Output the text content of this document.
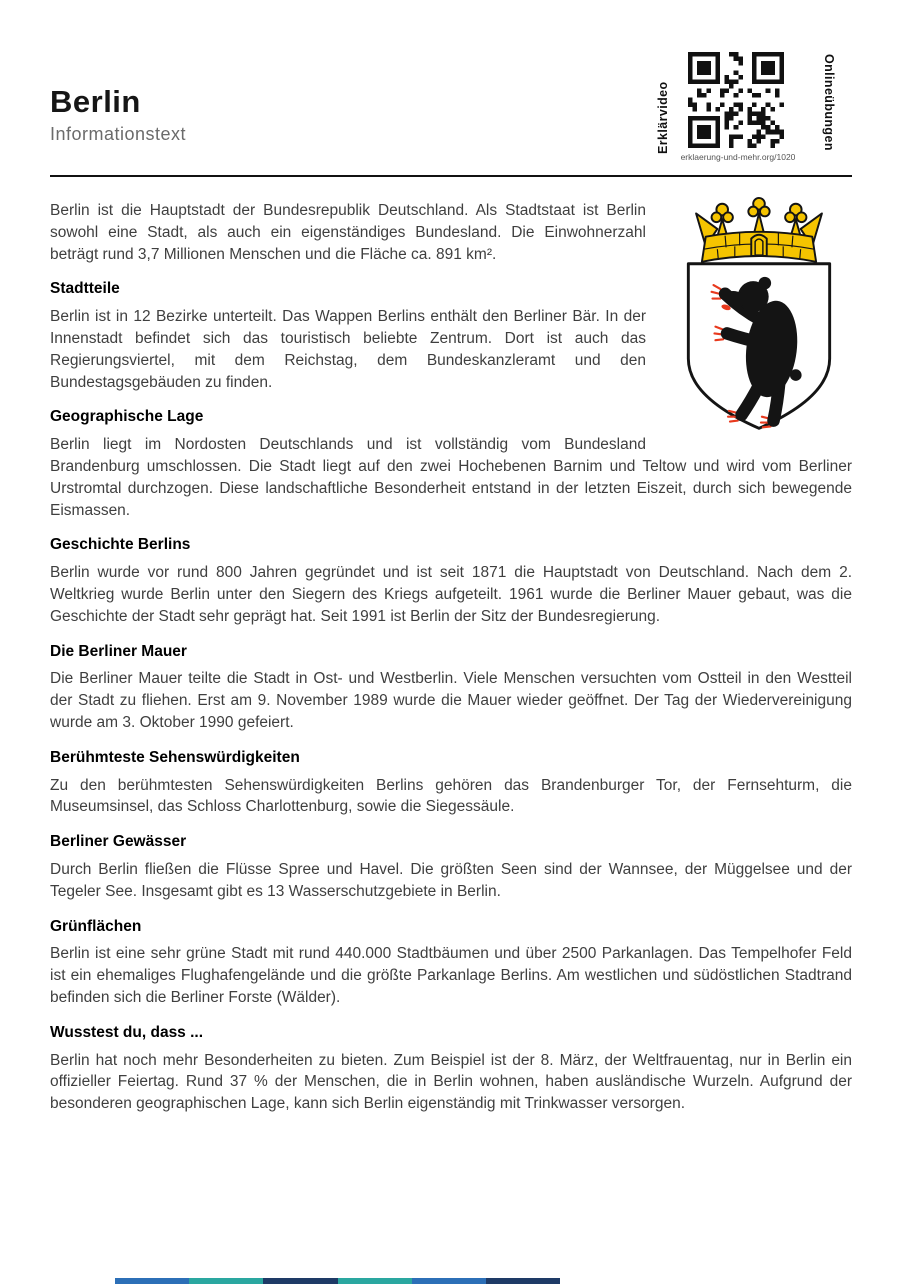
Berlin
Informationstext	Erklärvideo	Onlineübungen
erklaerung-und-mehr.org/1020

Berlin ist die Hauptstadt der Bundesrepublik Deutschland. Als Stadtstaat ist Berlin sowohl eine Stadt, als auch ein eigenständiges Bundesland. Die Einwohnerzahl beträgt rund 3,7 Millionen Menschen und die Fläche ca. 891 km².

Stadtteile

Berlin ist in 12 Bezirke unterteilt. Das Wappen Berlins enthält den Berliner Bär. In der Innenstadt befindet sich das touristisch beliebte Zentrum. Dort ist auch das Regierungsviertel, mit dem Reichstag, dem Bundeskanzleramt und den Bundestagsgebäuden zu finden.

Geographische Lage

Berlin liegt im Nordosten Deutschlands und ist vollständig vom Bundesland Brandenburg umschlossen. Die Stadt liegt auf den zwei Hochebenen Barnim und Teltow und wird vom Berliner Urstromtal durchzogen. Diese landschaftliche Besonderheit entstand in der letzten Eiszeit, durch sich bewegende Eismassen.

Geschichte Berlins

Berlin wurde vor rund 800 Jahren gegründet und ist seit 1871 die Hauptstadt von Deutschland. Nach dem 2. Weltkrieg wurde Berlin unter den Siegern des Kriegs aufgeteilt. 1961 wurde die Berliner Mauer gebaut, was die Geschichte der Stadt sehr geprägt hat. Seit 1991 ist Berlin der Sitz der Bundesregierung.

Die Berliner Mauer

Die Berliner Mauer teilte die Stadt in Ost- und Westberlin. Viele Menschen versuchten vom Ostteil in den Westteil der Stadt zu fliehen. Erst am 9. November 1989 wurde die Mauer wieder geöffnet. Der Tag der Wiedervereinigung wurde am 3. Oktober 1990 gefeiert.

Berühmteste Sehenswürdigkeiten

Zu den berühmtesten Sehenswürdigkeiten Berlins gehören das Brandenburger Tor, der Fernsehturm, die Museumsinsel, das Schloss Charlottenburg, sowie die Siegessäule.

Berliner Gewässer

Durch Berlin fließen die Flüsse Spree und Havel. Die größten Seen sind der Wannsee, der Müggelsee und der Tegeler See. Insgesamt gibt es 13 Wasserschutzgebiete in Berlin.

Grünflächen

Berlin ist eine sehr grüne Stadt mit rund 440.000 Stadtbäumen und über 2500 Parkanlagen. Das Tempelhofer Feld ist ein ehemaliges Flughafengelände und die größte Parkanlage Berlins. Am westlichen und südöstlichen Stadtrand befinden sich die Berliner Forste (Wälder).

Wusstest du, dass ...

Berlin hat noch mehr Besonderheiten zu bieten. Zum Beispiel ist der 8. März, der Weltfrauentag, nur in Berlin ein offizieller Feiertag. Rund 37 % der Menschen, die in Berlin wohnen, haben ausländische Wurzeln. Aufgrund der besonderen geographischen Lage, kann sich Berlin eigenständig mit Trinkwasser versorgen.
